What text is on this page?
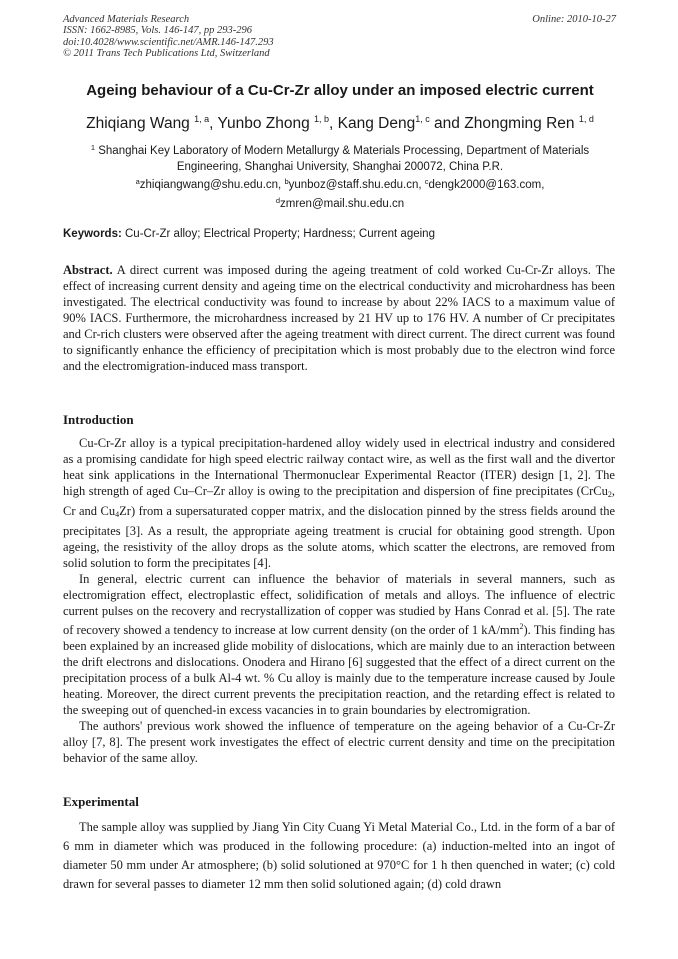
Advanced Materials Research
ISSN: 1662-8985, Vols. 146-147, pp 293-296
doi:10.4028/www.scientific.net/AMR.146-147.293
© 2011 Trans Tech Publications Ltd, Switzerland
Online: 2010-10-27
Ageing behaviour of a Cu-Cr-Zr alloy under an imposed electric current
Zhiqiang Wang $^{1, a}$, Yunbo Zhong $^{1, b}$, Kang Deng$^{1, c}$ and Zhongming Ren $^{1, d}$
$^1$ Shanghai Key Laboratory of Modern Metallurgy & Materials Processing, Department of Materials
Engineering, Shanghai University, Shanghai 200072, China P.R.
$^a$zhiqiangwang@shu.edu.cn, $^b$yunboz@staff.shu.edu.cn, $^c$dengk2000@163.com,
$^d$zmren@mail.shu.edu.cn
Keywords: Cu-Cr-Zr alloy; Electrical Property; Hardness; Current ageing

Abstract. A direct current was imposed during the ageing treatment of cold worked Cu-Cr-Zr alloys. The effect of increasing current density and ageing time on the electrical conductivity and microhardness has been investigated. The electrical conductivity was found to increase by about 22% IACS to a maximum value of 90% IACS. Furthermore, the microhardness increased by 21 HV up to 176 HV. A number of Cr precipitates and Cr-rich clusters were observed after the ageing treatment with direct current. The direct current was found to significantly enhance the efficiency of precipitation which is most probably due to the electron wind force and the electromigration-induced mass transport.

Introduction

Cu-Cr-Zr alloy is a typical precipitation-hardened alloy widely used in electrical industry and considered as a promising candidate for high speed electric railway contact wire, as well as the first wall and the divertor heat sink applications in the International Thermonuclear Experimental Reactor (ITER) design [1, 2]. The high strength of aged Cu–Cr–Zr alloy is owing to the precipitation and dispersion of fine precipitates (CrCu$_2$, Cr and $Cu_4Zr$) from a supersaturated copper matrix, and the dislocation pinned by the stress fields around the precipitates [3]. As a result, the appropriate ageing treatment is crucial for obtaining good strength. Upon ageing, the resistivity of the alloy drops as the solute atoms, which scatter the electrons, are removed from solid solution to form the precipitates [4].

In general, electric current can influence the behavior of materials in several manners, such as electromigration effect, electroplastic effect, solidification of metals and alloys. The influence of electric current pulses on the recovery and recrystallization of copper was studied by Hans Conrad et al. [5]. The rate of recovery showed a tendency to increase at low current density (on the order of 1 $kA/mm^2$). This finding has been explained by an increased glide mobility of dislocations, which are mainly due to an interaction between the drift electrons and dislocations. Onodera and Hirano [6] suggested that the effect of a direct current on the precipitation process of a bulk Al-4 wt. % Cu alloy is mainly due to the temperature increase caused by Joule heating. Moreover, the direct current prevents the precipitation reaction, and the retarding effect is related to the sweeping out of quenched-in excess vacancies in to grain boundaries by electromigration.

The authors' previous work showed the influence of temperature on the ageing behavior of a Cu-Cr-Zr alloy [7, 8]. The present work investigates the effect of electric current density and time on the precipitation behavior of the same alloy.

Experimental

The sample alloy was supplied by Jiang Yin City Cuang Yi Metal Material Co., Ltd. in the form of a bar of 6 mm in diameter which was produced in the following procedure: (a) induction-melted into an ingot of diameter 50 mm under Ar atmosphere; (b) solid solutioned at 970°C for 1 h then quenched in water; (c) cold drawn for several passes to diameter 12 mm then solid solutioned again; (d) cold drawn
